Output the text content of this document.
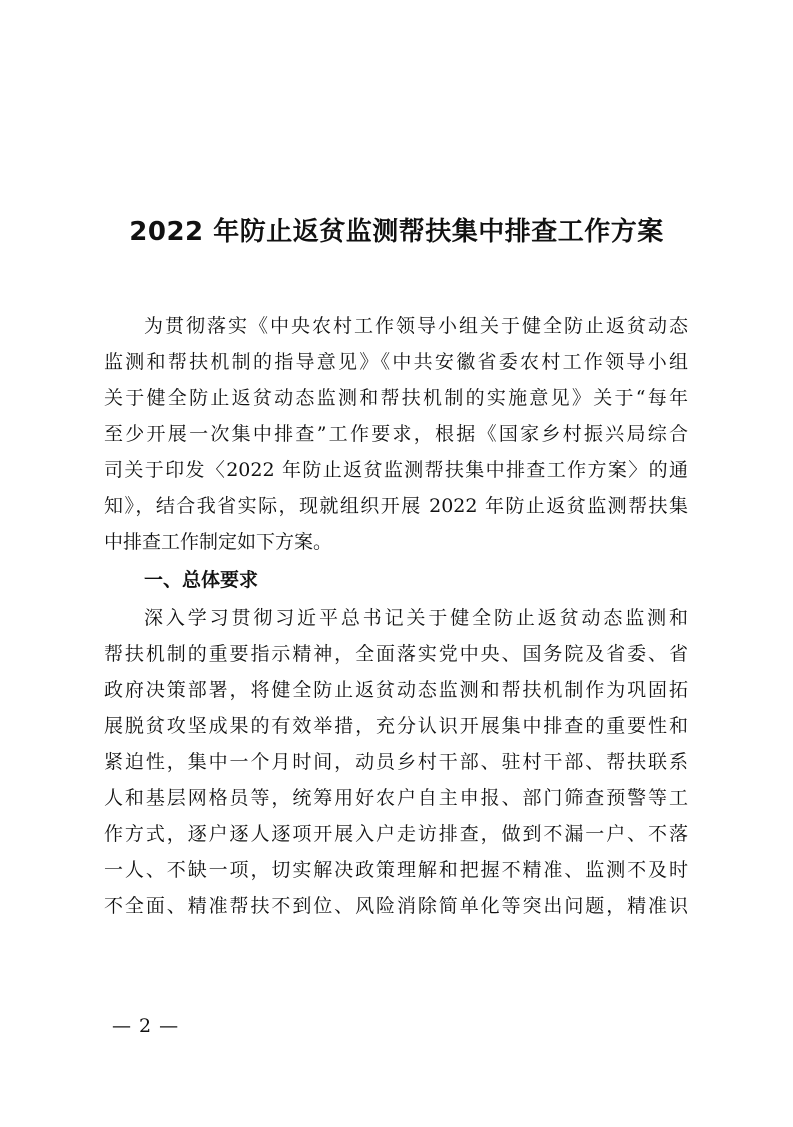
2022 年防止返贫监测帮扶集中排查工作方案
为贯彻落实《中央农村工作领导小组关于健全防止返贫动态
监测和帮扶机制的指导意见》《中共安徽省委农村工作领导小组
关于健全防止返贫动态监测和帮扶机制的实施意见》关于“每年
至少开展一次集中排查”工作要求，根据《国家乡村振兴局综合
司关于印发〈2022 年防止返贫监测帮扶集中排查工作方案〉的通
知》，结合我省实际，现就组织开展 2022 年防止返贫监测帮扶集
中排查工作制定如下方案。
一、总体要求
深入学习贯彻习近平总书记关于健全防止返贫动态监测和
帮扶机制的重要指示精神，全面落实党中央、国务院及省委、省
政府决策部署，将健全防止返贫动态监测和帮扶机制作为巩固拓
展脱贫攻坚成果的有效举措，充分认识开展集中排查的重要性和
紧迫性，集中一个月时间，动员乡村干部、驻村干部、帮扶联系
人和基层网格员等，统筹用好农户自主申报、部门筛查预警等工
作方式，逐户逐人逐项开展入户走访排查，做到不漏一户、不落
一人、不缺一项，切实解决政策理解和把握不精准、监测不及时
不全面、精准帮扶不到位、风险消除简单化等突出问题，精准识
— 2 —
